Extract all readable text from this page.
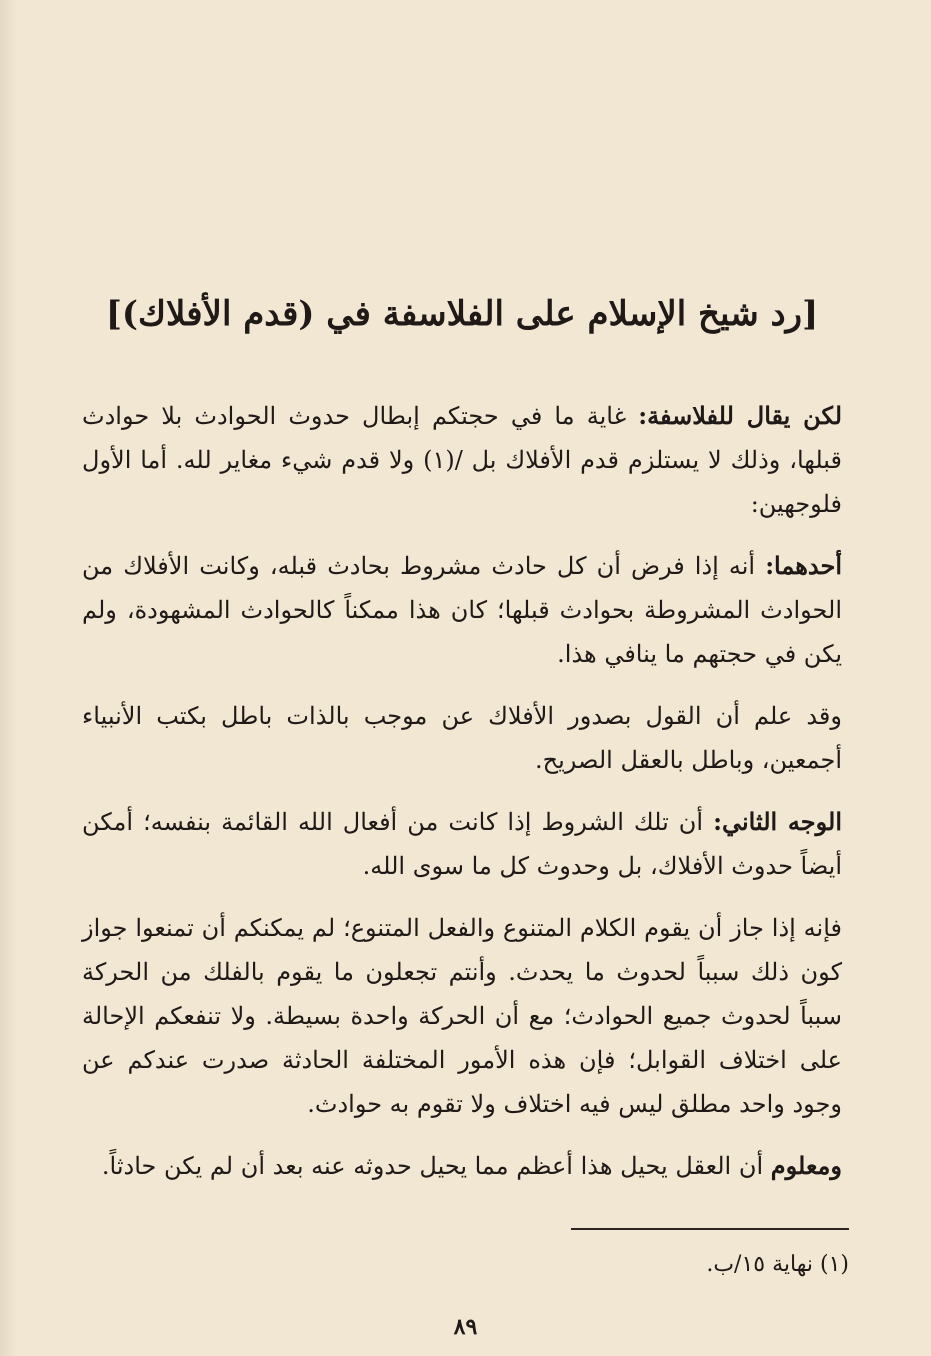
[رد شيخ الإسلام على الفلاسفة في (قدم الأفلاك)]

لكن يقال للفلاسفة: غاية ما في حجتكم إبطال حدوث الحوادث بلا حوادث قبلها، وذلك لا يستلزم قدم الأفلاك بل /(١) ولا قدم شيء مغاير لله. أما الأول فلوجهين:

أحدهما: أنه إذا فرض أن كل حادث مشروط بحادث قبله، وكانت الأفلاك من الحوادث المشروطة بحوادث قبلها؛ كان هذا ممكناً كالحوادث المشهودة، ولم يكن في حجتهم ما ينافي هذا.

وقد علم أن القول بصدور الأفلاك عن موجب بالذات باطل بكتب الأنبياء أجمعين، وباطل بالعقل الصريح.

الوجه الثاني: أن تلك الشروط إذا كانت من أفعال الله القائمة بنفسه؛ أمكن أيضاً حدوث الأفلاك، بل وحدوث كل ما سوى الله.

فإنه إذا جاز أن يقوم الكلام المتنوع والفعل المتنوع؛ لم يمكنكم أن تمنعوا جواز كون ذلك سبباً لحدوث ما يحدث. وأنتم تجعلون ما يقوم بالفلك من الحركة سبباً لحدوث جميع الحوادث؛ مع أن الحركة واحدة بسيطة. ولا تنفعكم الإحالة على اختلاف القوابل؛ فإن هذه الأمور المختلفة الحادثة صدرت عندكم عن وجود واحد مطلق ليس فيه اختلاف ولا تقوم به حوادث.

ومعلوم أن العقل يحيل هذا أعظم مما يحيل حدوثه عنه بعد أن لم يكن حادثاً.

(١) نهاية ١٥/ب.
٨٩
